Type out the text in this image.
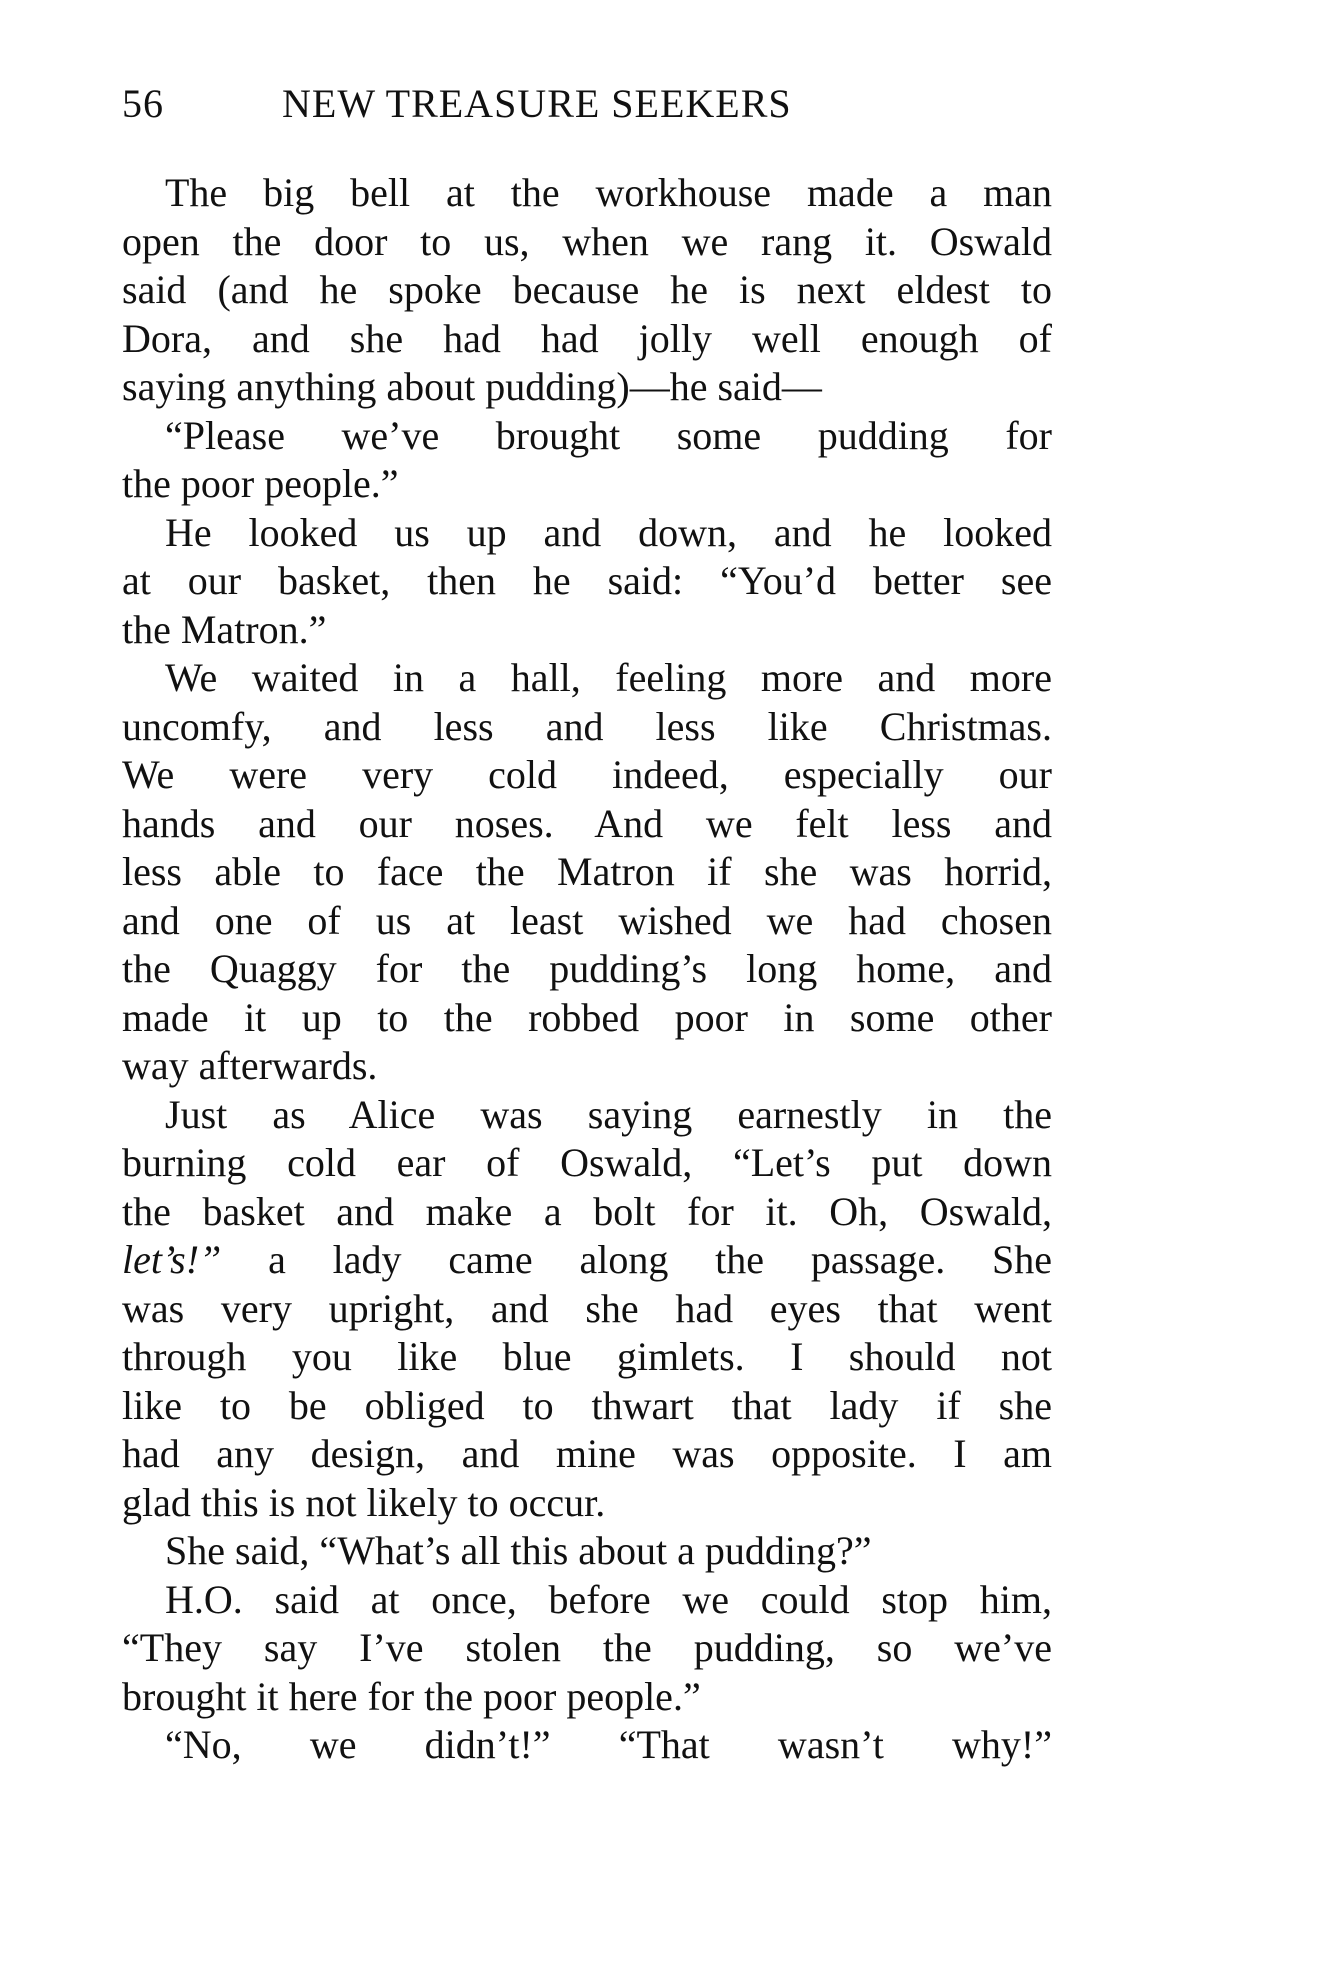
56	NEW TREASURE SEEKERS
The big bell at the workhouse made a man
open the door to us, when we rang it. Oswald
said (and he spoke because he is next eldest to
Dora, and she had had jolly well enough of
saying anything about pudding)—he said—
“Please we’ve brought some pudding for
the poor people.”
He looked us up and down, and he looked
at our basket, then he said: “You’d better see
the Matron.”
We waited in a hall, feeling more and more
uncomfy, and less and less like Christmas.
We were very cold indeed, especially our
hands and our noses. And we felt less and
less able to face the Matron if she was horrid,
and one of us at least wished we had chosen
the Quaggy for the pudding’s long home, and
made it up to the robbed poor in some other
way afterwards.
Just as Alice was saying earnestly in the
burning cold ear of Oswald, “Let’s put down
the basket and make a bolt for it. Oh, Oswald,
let’s!” a lady came along the passage. She
was very upright, and she had eyes that went
through you like blue gimlets. I should not
like to be obliged to thwart that lady if she
had any design, and mine was opposite. I am
glad this is not likely to occur.
She said, “What’s all this about a pudding?”
H.O. said at once, before we could stop him,
“They say I’ve stolen the pudding, so we’ve
brought it here for the poor people.”
“No, we didn’t!” “That wasn’t why!”
